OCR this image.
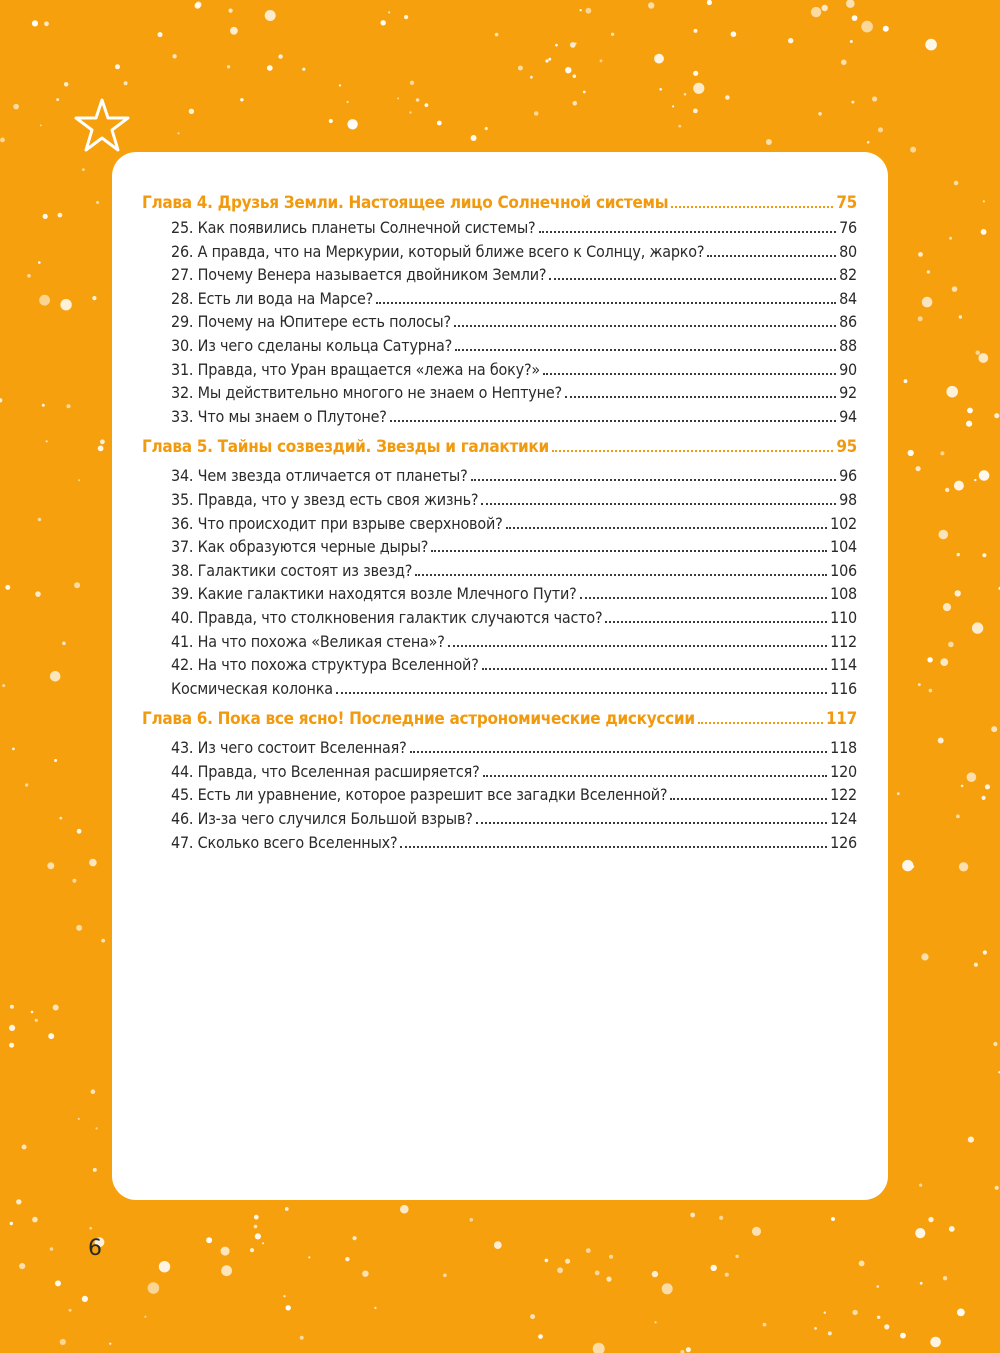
Глава 4. Друзья Земли. Настоящее лицо Солнечной системы	75
25. Как появились планеты Солнечной системы?	76
26. А правда, что на Меркурии, который ближе всего к Солнцу, жарко?	80
27. Почему Венера называется двойником Земли?	82
28. Есть ли вода на Марсе?	84
29. Почему на Юпитере есть полосы?	86
30. Из чего сделаны кольца Сатурна?	88
31. Правда, что Уран вращается «лежа на боку?»	90
32. Мы действительно многого не знаем о Нептуне?	92
33. Что мы знаем о Плутоне?	94
Глава 5. Тайны созвездий. Звезды и галактики	95
34. Чем звезда отличается от планеты?	96
35. Правда, что у звезд есть своя жизнь?	98
36. Что происходит при взрыве сверхновой?	102
37. Как образуются черные дыры?	104
38. Галактики состоят из звезд?	106
39. Какие галактики находятся возле Млечного Пути?	108
40. Правда, что столкновения галактик случаются часто?	110
41. На что похожа «Великая стена»?	112
42. На что похожа структура Вселенной?	114
Космическая колонка	116
Глава 6. Пока все ясно! Последние астрономические дискуссии	117
43. Из чего состоит Вселенная?	118
44. Правда, что Вселенная расширяется?	120
45. Есть ли уравнение, которое разрешит все загадки Вселенной?	122
46. Из-за чего случился Большой взрыв?	124
47. Сколько всего Вселенных?	126
6
